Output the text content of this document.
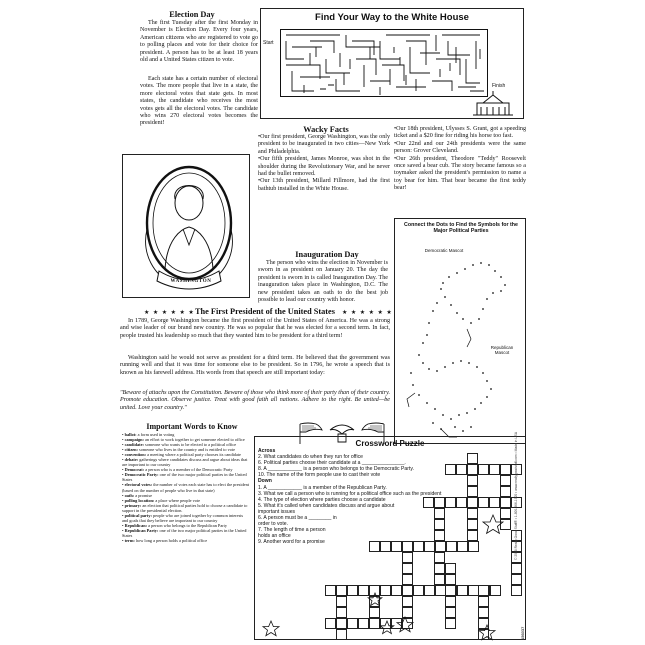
Election Day
The first Tuesday after the first Monday in November is Election Day. Every four years, American citizens who are registered to vote go to polling places and vote for their choice for president. A person has to be at least 18 years old and a United States citizen to vote.
Each state has a certain number of electoral votes. The more people that live in a state, the more electoral votes that state gets. In most states, the candidate who receives the most votes gets all the electoral votes. The candidate who wins 270 electoral votes becomes the president!
Find Your Way to the White House
Start
Finish
Wacky Facts
•Our first president, George Washington, was the only president to be inaugurated in two cities—New York and Philadelphia.
•Our fifth president, James Monroe, was shot in the shoulder during the Revolutionary War, and he never had the bullet removed.
•Our 13th president, Millard Fillmore, had the first bathtub installed in the White House.
•Our 18th president, Ulysses S. Grant, got a speeding ticket and a $20 fine for riding his horse too fast.
•Our 22nd and our 24th presidents were the same person: Grover Cleveland.
•Our 26th president, Theodore "Teddy" Roosevelt once saved a bear cub. The story became famous so a toymaker asked the president's permission to name a toy bear for him. That bear became the first teddy bear!
WASHINGTON
Inauguration Day
The person who wins the election in November is sworn in as president on January 20. The day the president is sworn in is called Inauguration Day. The inauguration takes place in Washington, D.C. The new president takes an oath to do the best job possible to lead our country with honor.
Connect the Dots to Find the Symbols for the Major Political Parties
Democratic Mascot
Republican Mascot
★ ★ ★ ★ ★ ★ The First President of the United States	★ ★ ★ ★ ★ ★
In 1789, George Washington became the first president of the United States of America. He was a strong and wise leader of our brand new country. He was so popular that he was elected for a second term. In fact, people trusted his leadership so much that they wanted him to be president for a third term!
Washington said he would not serve as president for a third term. He believed that the government was running well and that it was time for someone else to be president. So in 1796, he wrote a speech that is known as his farewell address. His words from that speech are still important today:
"Beware of attachs upon the Constitution. Beware of those who think more of their party than of their country. Promote education. Observe justice. Treat with good faith all nations. Adhere to the right. Be united—be united. Love your country."
Important Words to Know
• ballot: a form used in voting
• campaign: an effort to work together to get someone elected to office
• candidate: someone who wants to be elected to a political office
• citizen: someone who lives in the country and is entitled to vote
• convention: a meeting where a political party chooses its candidate
• debate: gatherings where candidates discuss and argue about ideas that are important to our country
• Democrat: a person who is a member of the Democratic Party
• Democratic Party: one of the two major political parties in the United States
• electoral votes: the number of votes each state has to elect the president (based on the number of people who live in that state)
• oath: a promise
• polling location: a place where people vote
• primary: an election that political parties hold to choose a candidate to support in the presidential election.
• political party: people who are joined together by common interests and goals that they believe are important to our country
• Republican: a person who belongs to the Republican Party
• Republican Party: one of the two major political parties in the United States
• term: how long a person holds a political office
Crossword Puzzle
Across
2. What candidates do when they run for office
6. Political parties choose their candidate at a _______________.
8. A ____________ is a person who belongs to the Democratic Party.
10. The name of the form people use to cast their vote
Down
1. A ____________ is a member of the Republican Party.
3. What we call a person who is running for a political office such as the president
4. The type of election where parties choose a candidate
5. What it's called when candidates discuss and argue about important issues
6. A person must be a ________ in order to vote.
7. The length of time a person holds an office
9. Another word for a promise	© 2008 Really Good Stuff® • 1-800-366-1920 • www.reallygoodstuff.com • Made in USA
156037
